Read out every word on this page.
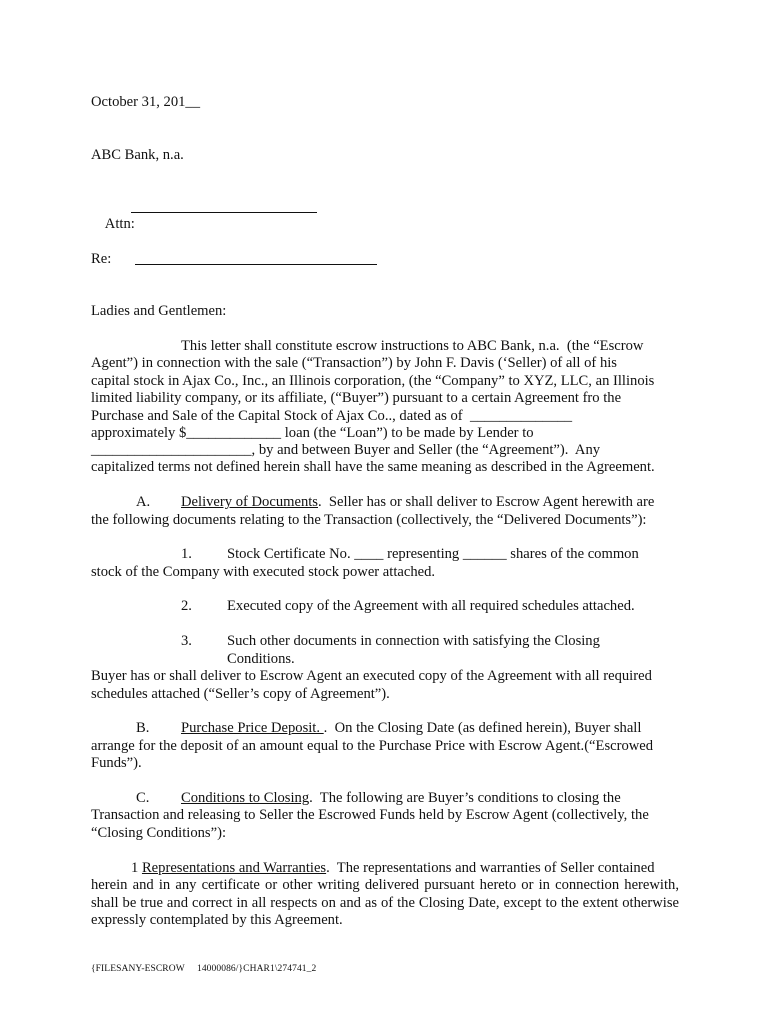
October 31, 201__
ABC Bank, n.a.

Attn:

Re:
Ladies and Gentlemen:
This letter shall constitute escrow instructions to ABC Bank, n.a.  (the “Escrow
Agent”) in connection with the sale (“Transaction”) by John F. Davis (‘Seller) of all of his
capital stock in Ajax Co., Inc., an Illinois corporation, (the “Company” to XYZ, LLC, an Illinois
limited liability company, or its affiliate, (“Buyer”) pursuant to a certain Agreement fro the
Purchase and Sale of the Capital Stock of Ajax Co.., dated as of  ______________
approximately $_____________ loan (the “Loan”) to be made by Lender to
______________________, by and between Buyer and Seller (the “Agreement”).  Any
capitalized terms not defined herein shall have the same meaning as described in the Agreement.
A. Delivery of Documents.  Seller has or shall deliver to Escrow Agent herewith are
the following documents relating to the Transaction (collectively, the “Delivered Documents”):
1. Stock Certificate No. ____ representing ______ shares of the common
stock of the Company with executed stock power attached.
2. Executed copy of the Agreement with all required schedules attached.
3. Such other documents in connection with satisfying the Closing
Conditions.
Buyer has or shall deliver to Escrow Agent an executed copy of the Agreement with all required
schedules attached (“Seller’s copy of Agreement”).
B. Purchase Price Deposit. .  On the Closing Date (as defined herein), Buyer shall
arrange for the deposit of an amount equal to the Purchase Price with Escrow Agent.(“Escrowed
Funds”).
C. Conditions to Closing.  The following are Buyer’s conditions to closing the
Transaction and releasing to Seller the Escrowed Funds held by Escrow Agent (collectively, the
“Closing Conditions”):
1 Representations and Warranties.  The representations and warranties of Seller contained
herein and in any certificate or other writing delivered pursuant hereto or in connection herewith, shall be true and correct in all respects on and as of the Closing Date, except to the extent otherwise expressly contemplated by this Agreement.
{FILESANY-ESCROW     14000086/}CHAR1\274741_2
